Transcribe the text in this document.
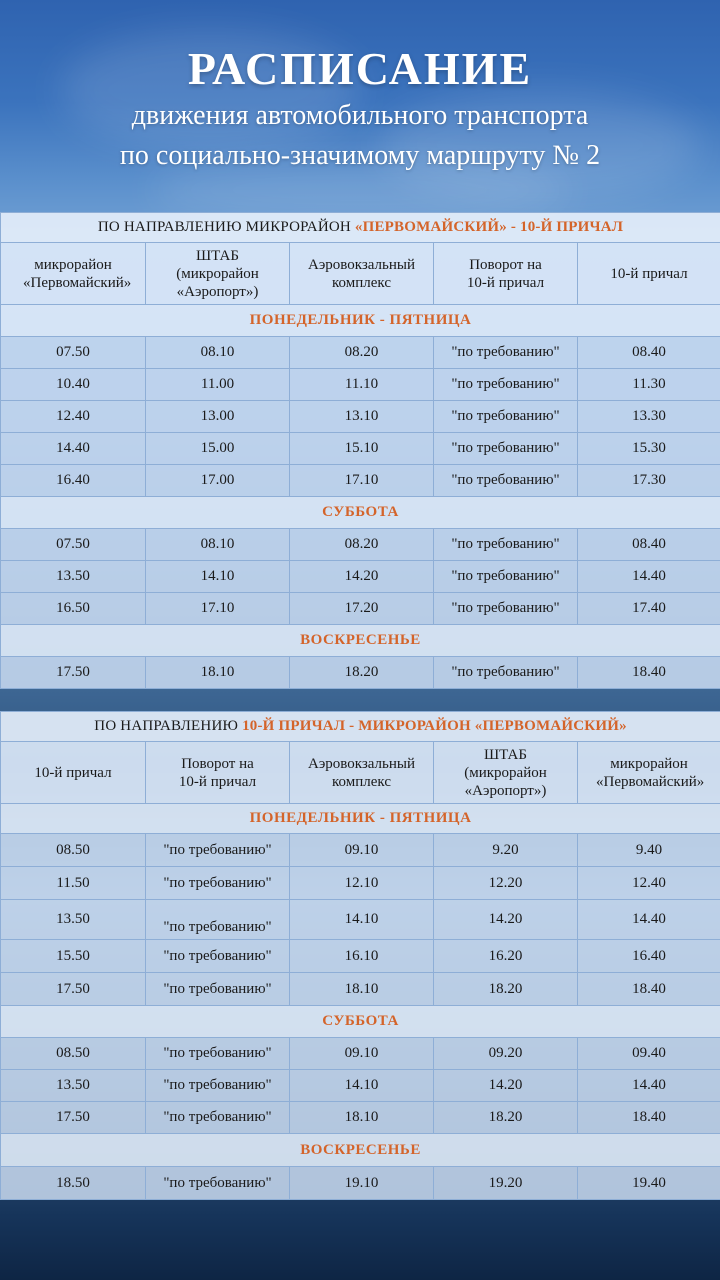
РАСПИСАНИЕ
движения автомобильного транспорта
по социально-значимому маршруту № 2
ПО НАПРАВЛЕНИЮ МИКРОРАЙОН «ПЕРВОМАЙСКИЙ» - 10-Й ПРИЧАЛ				
микрорайон «Первомайский»	ШТАБ (микрорайон «Аэропорт»)	Аэровокзальный комплекс	Поворот на 10-й причал	10-й причал
ПОНЕДЕЛЬНИК - ПЯТНИЦА				
07.50	08.10	08.20	"по требованию"	08.40
10.40	11.00	11.10	"по требованию"	11.30
12.40	13.00	13.10	"по требованию"	13.30
14.40	15.00	15.10	"по требованию"	15.30
16.40	17.00	17.10	"по требованию"	17.30
СУББОТА				
07.50	08.10	08.20	"по требованию"	08.40
13.50	14.10	14.20	"по требованию"	14.40
16.50	17.10	17.20	"по требованию"	17.40
ВОСКРЕСЕНЬЕ				
17.50	18.10	18.20	"по требованию"	18.40
ПО НАПРАВЛЕНИЮ 10-Й ПРИЧАЛ - МИКРОРАЙОН «ПЕРВОМАЙСКИЙ»				
10-й причал	Поворот на 10-й причал	Аэровокзальный комплекс	ШТАБ (микрорайон «Аэропорт»)	микрорайон «Первомайский»
ПОНЕДЕЛЬНИК - ПЯТНИЦА				
08.50	"по требованию"	09.10	9.20	9.40
11.50	"по требованию"	12.10	12.20	12.40
13.50	"по требованию"	14.10	14.20	14.40
15.50	"по требованию"	16.10	16.20	16.40
17.50	"по требованию"	18.10	18.20	18.40
СУББОТА				
08.50	"по требованию"	09.10	09.20	09.40
13.50	"по требованию"	14.10	14.20	14.40
17.50	"по требованию"	18.10	18.20	18.40
ВОСКРЕСЕНЬЕ				
18.50	"по требованию"	19.10	19.20	19.40
